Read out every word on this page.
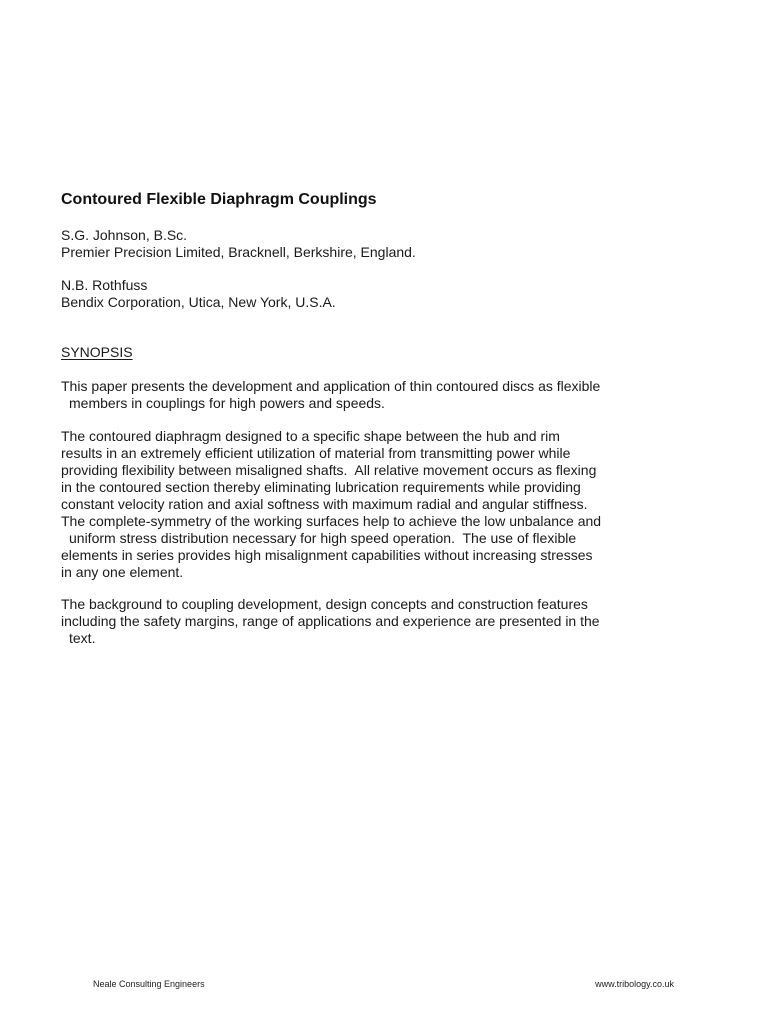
Contoured Flexible Diaphragm Couplings
S.G. Johnson, B.Sc.
Premier Precision Limited, Bracknell, Berkshire, England.
N.B. Rothfuss
Bendix Corporation, Utica, New York, U.S.A.
SYNOPSIS
This paper presents the development and application of thin contoured discs as flexible
members in couplings for high powers and speeds.
The contoured diaphragm designed to a specific shape between the hub and rim
results in an extremely efficient utilization of material from transmitting power while
providing flexibility between misaligned shafts.  All relative movement occurs as flexing
in the contoured section thereby eliminating lubrication requirements while providing
constant velocity ration and axial softness with maximum radial and angular stiffness.
The complete-symmetry of the working surfaces help to achieve the low unbalance and
uniform stress distribution necessary for high speed operation.  The use of flexible
elements in series provides high misalignment capabilities without increasing stresses
in any one element.
The background to coupling development, design concepts and construction features
including the safety margins, range of applications and experience are presented in the
text.
Neale Consulting Engineers	www.tribology.co.uk
